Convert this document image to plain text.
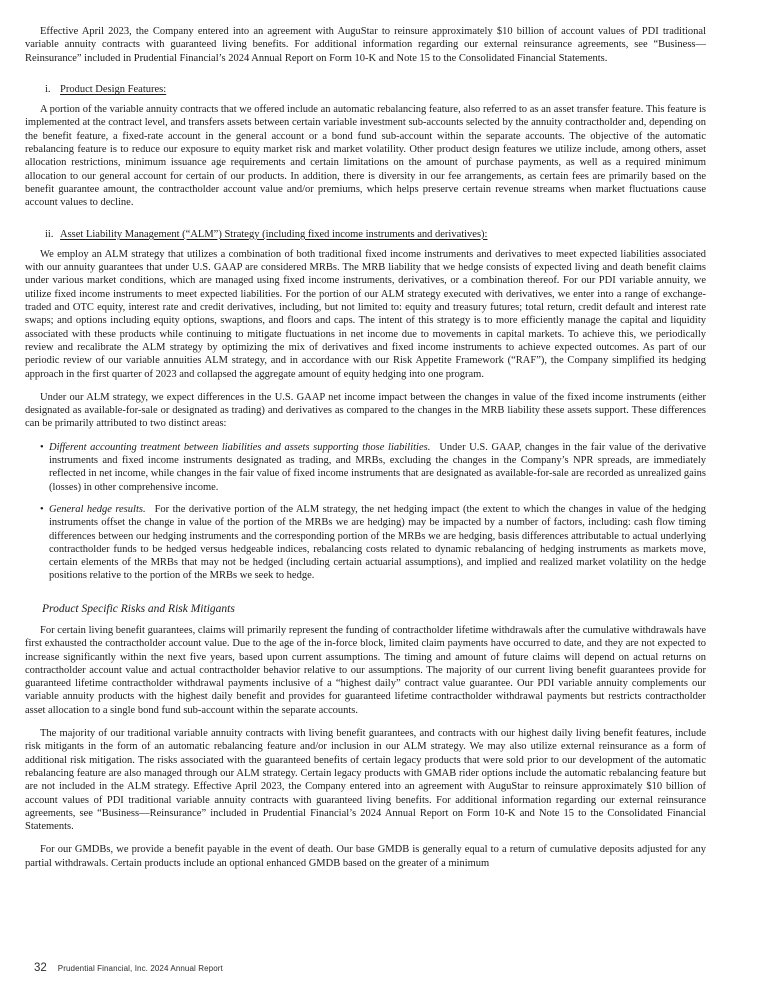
Effective April 2023, the Company entered into an agreement with AuguStar to reinsure approximately $10 billion of account values of PDI traditional variable annuity contracts with guaranteed living benefits. For additional information regarding our external reinsurance agreements, see “Business—Reinsurance” included in Prudential Financial’s 2024 Annual Report on Form 10-K and Note 15 to the Consolidated Financial Statements.

i. Product Design Features:

A portion of the variable annuity contracts that we offered include an automatic rebalancing feature, also referred to as an asset transfer feature. This feature is implemented at the contract level, and transfers assets between certain variable investment sub-accounts selected by the annuity contractholder and, depending on the benefit feature, a fixed-rate account in the general account or a bond fund sub-account within the separate accounts. The objective of the automatic rebalancing feature is to reduce our exposure to equity market risk and market volatility. Other product design features we utilize include, among others, asset allocation restrictions, minimum issuance age requirements and certain limitations on the amount of purchase payments, as well as a required minimum allocation to our general account for certain of our products. In addition, there is diversity in our fee arrangements, as certain fees are primarily based on the benefit guarantee amount, the contractholder account value and/or premiums, which helps preserve certain revenue streams when market fluctuations cause account values to decline.

ii. Asset Liability Management (“ALM”) Strategy (including fixed income instruments and derivatives):

We employ an ALM strategy that utilizes a combination of both traditional fixed income instruments and derivatives to meet expected liabilities associated with our annuity guarantees that under U.S. GAAP are considered MRBs. The MRB liability that we hedge consists of expected living and death benefit claims under various market conditions, which are managed using fixed income instruments, derivatives, or a combination thereof. For our PDI variable annuity, we utilize fixed income instruments to meet expected liabilities. For the portion of our ALM strategy executed with derivatives, we enter into a range of exchange-traded and OTC equity, interest rate and credit derivatives, including, but not limited to: equity and treasury futures; total return, credit default and interest rate swaps; and options including equity options, swaptions, and floors and caps. The intent of this strategy is to more efficiently manage the capital and liquidity associated with these products while continuing to mitigate fluctuations in net income due to movements in capital markets. To achieve this, we periodically review and recalibrate the ALM strategy by optimizing the mix of derivatives and fixed income instruments to achieve expected outcomes. As part of our periodic review of our variable annuities ALM strategy, and in accordance with our Risk Appetite Framework (“RAF”), the Company simplified its hedging approach in the first quarter of 2023 and collapsed the aggregate amount of equity hedging into one program.

Under our ALM strategy, we expect differences in the U.S. GAAP net income impact between the changes in value of the fixed income instruments (either designated as available-for-sale or designated as trading) and derivatives as compared to the changes in the MRB liability these assets support. These differences can be primarily attributed to two distinct areas:

• Different accounting treatment between liabilities and assets supporting those liabilities. Under U.S. GAAP, changes in the fair value of the derivative instruments and fixed income instruments designated as trading, and MRBs, excluding the changes in the Company’s NPR spreads, are immediately reflected in net income, while changes in the fair value of fixed income instruments that are designated as available-for-sale are recorded as unrealized gains (losses) in other comprehensive income.
• General hedge results. For the derivative portion of the ALM strategy, the net hedging impact (the extent to which the changes in value of the hedging instruments offset the change in value of the portion of the MRBs we are hedging) may be impacted by a number of factors, including: cash flow timing differences between our hedging instruments and the corresponding portion of the MRBs we are hedging, basis differences attributable to actual underlying contractholder funds to be hedged versus hedgeable indices, rebalancing costs related to dynamic rebalancing of hedging instruments as markets move, certain elements of the MRBs that may not be hedged (including certain actuarial assumptions), and implied and realized market volatility on the hedge positions relative to the portion of the MRBs we seek to hedge.
Product Specific Risks and Risk Mitigants

For certain living benefit guarantees, claims will primarily represent the funding of contractholder lifetime withdrawals after the cumulative withdrawals have first exhausted the contractholder account value. Due to the age of the in-force block, limited claim payments have occurred to date, and they are not expected to increase significantly within the next five years, based upon current assumptions. The timing and amount of future claims will depend on actual returns on contractholder account value and actual contractholder behavior relative to our assumptions. The majority of our current living benefit guarantees provide for guaranteed lifetime contractholder withdrawal payments inclusive of a “highest daily” contract value guarantee. Our PDI variable annuity complements our variable annuity products with the highest daily benefit and provides for guaranteed lifetime contractholder withdrawal payments but restricts contractholder asset allocation to a single bond fund sub-account within the separate accounts.

The majority of our traditional variable annuity contracts with living benefit guarantees, and contracts with our highest daily living benefit features, include risk mitigants in the form of an automatic rebalancing feature and/or inclusion in our ALM strategy. We may also utilize external reinsurance as a form of additional risk mitigation. The risks associated with the guaranteed benefits of certain legacy products that were sold prior to our development of the automatic rebalancing feature are also managed through our ALM strategy. Certain legacy products with GMAB rider options include the automatic rebalancing feature but are not included in the ALM strategy. Effective April 2023, the Company entered into an agreement with AuguStar to reinsure approximately $10 billion of account values of PDI traditional variable annuity contracts with guaranteed living benefits. For additional information regarding our external reinsurance agreements, see “Business—Reinsurance” included in Prudential Financial’s 2024 Annual Report on Form 10-K and Note 15 to the Consolidated Financial Statements.

For our GMDBs, we provide a benefit payable in the event of death. Our base GMDB is generally equal to a return of cumulative deposits adjusted for any partial withdrawals. Certain products include an optional enhanced GMDB based on the greater of a minimum

32 Prudential Financial, Inc. 2024 Annual Report
